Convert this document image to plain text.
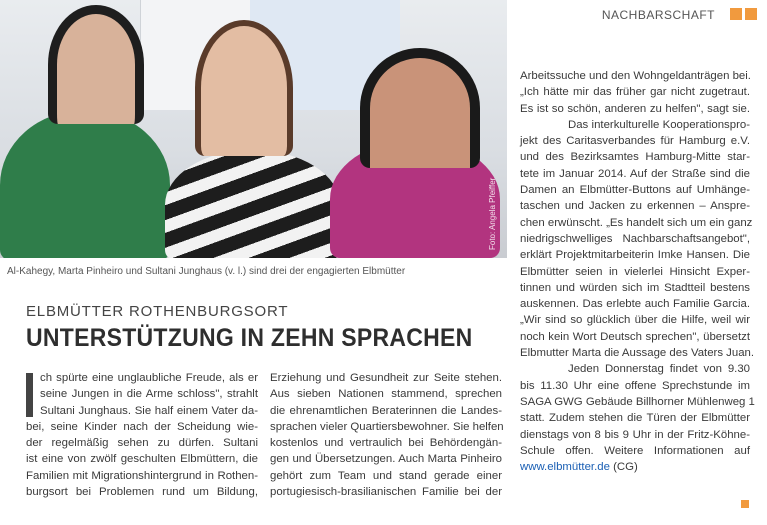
Foto: Angela Pfeiffer
Al-Kahegy, Marta Pinheiro und Sultani Junghaus (v. l.) sind drei der engagierten Elbmütter
NACHBARSCHAFT
ELBMÜTTER ROTHENBURGSORT
UNTERSTÜTZUNG IN ZEHN SPRACHEN
ch spürte eine unglaubliche Freude, als er
seine Jungen in die Arme schloss", strahlt
Sultani Junghaus. Sie half einem Vater da-
bei, seine Kinder nach der Scheidung wie-
der regelmäßig sehen zu dürfen. Sultani
ist eine von zwölf geschulten Elbmüttern, die
Familien mit Migrationshintergrund in Rothen-
burgsort bei Problemen rund um Bildung,
Erziehung und Gesundheit zur Seite stehen.
Aus sieben Nationen stammend, sprechen
die ehrenamtlichen Beraterinnen die Landes-
sprachen vieler Quartiersbewohner. Sie helfen
kostenlos und vertraulich bei Behördengän-
gen und Übersetzungen. Auch Marta Pinheiro
gehört zum Team und stand gerade einer
portugiesisch-brasilianischen Familie bei der
Arbeitssuche und den Wohngeldanträgen bei.
„Ich hätte mir das früher gar nicht zugetraut.
Es ist so schön, anderen zu helfen", sagt sie.
Das interkulturelle Kooperationspro-
jekt des Caritasverbandes für Hamburg e.V.
und des Bezirksamtes Hamburg-Mitte star-
tete im Januar 2014. Auf der Straße sind die
Damen an Elbmütter-Buttons auf Umhänge-
taschen und Jacken zu erkennen – Anspre-
chen erwünscht. „Es handelt sich um ein ganz
niedrigschwelliges Nachbarschaftsangebot",
erklärt Projektmitarbeiterin Imke Hansen. Die
Elbmütter seien in vielerlei Hinsicht Exper-
tinnen und würden sich im Stadtteil bestens
auskennen. Das erlebte auch Familie Garcia.
„Wir sind so glücklich über die Hilfe, weil wir
noch kein Wort Deutsch sprechen", übersetzt
Elbmutter Marta die Aussage des Vaters Juan.
Jeden Donnerstag findet von 9.30
bis 11.30 Uhr eine offene Sprechstunde im
SAGA GWG Gebäude Billhorner Mühlenweg 1
statt. Zudem stehen die Türen der Elbmütter
dienstags von 8 bis 9 Uhr in der Fritz-Köhne-
Schule offen. Weitere Informationen auf
www.elbmütter.de (CG)
